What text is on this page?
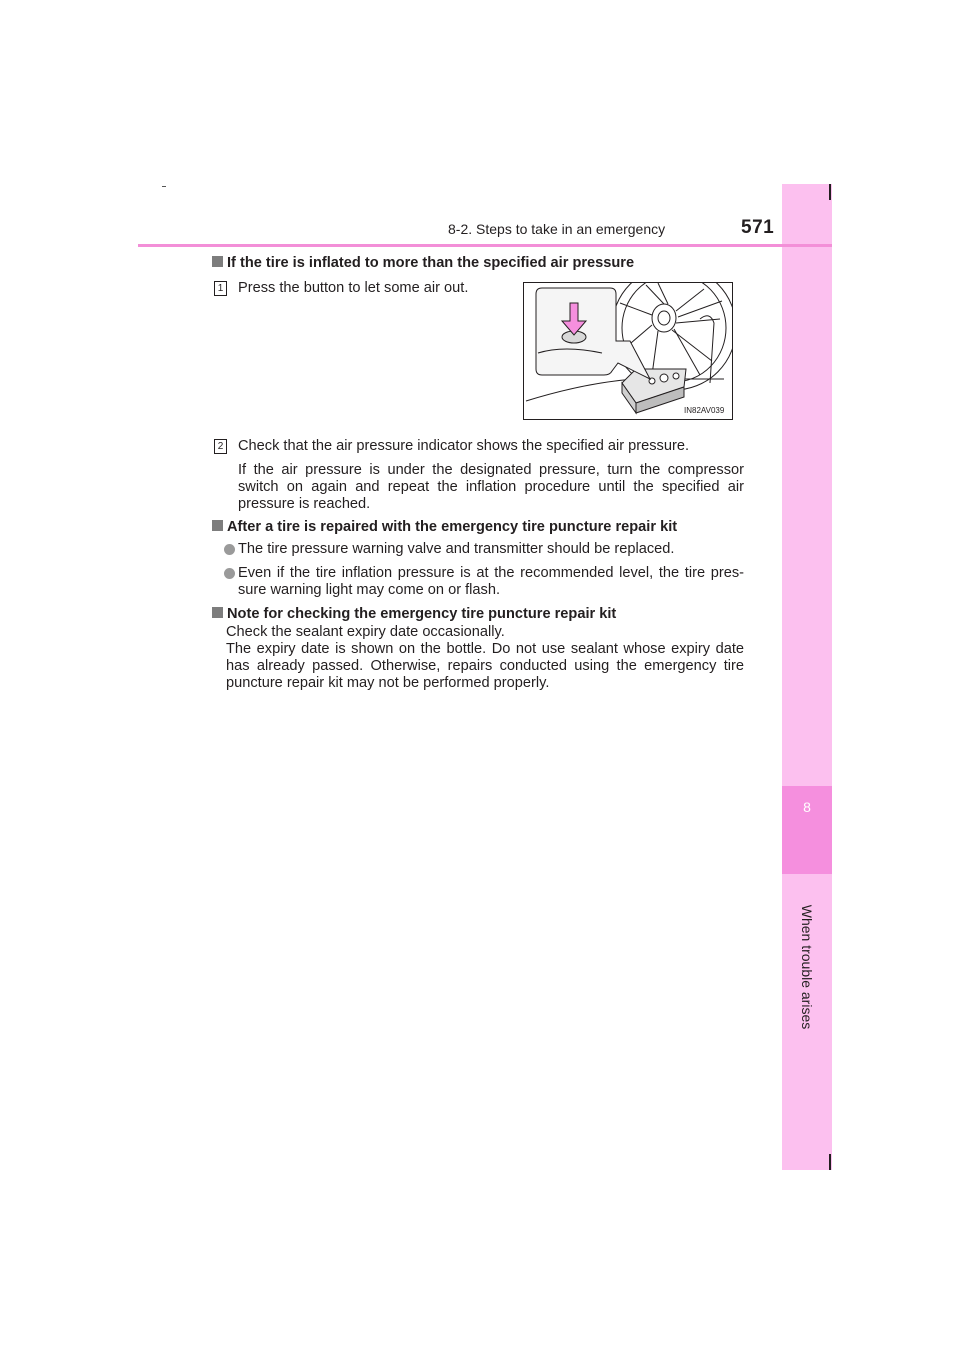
8
When trouble arises
8-2. Steps to take in an emergency	571
If the tire is inflated to more than the specified air pressure
1 Press the button to let some air out.
IN82AV039
2 Check that the air pressure indicator shows the specified air pressure.
If the air pressure is under the designated pressure, turn the compressor
switch on again and repeat the inflation procedure until the specified air
pressure is reached.
After a tire is repaired with the emergency tire puncture repair kit
The tire pressure warning valve and transmitter should be replaced.
Even if the tire inflation pressure is at the recommended level, the tire pres-
sure warning light may come on or flash.
Note for checking the emergency tire puncture repair kit
Check the sealant expiry date occasionally.
The expiry date is shown on the bottle. Do not use sealant whose expiry date
has already passed. Otherwise, repairs conducted using the emergency tire
puncture repair kit may not be performed properly.
